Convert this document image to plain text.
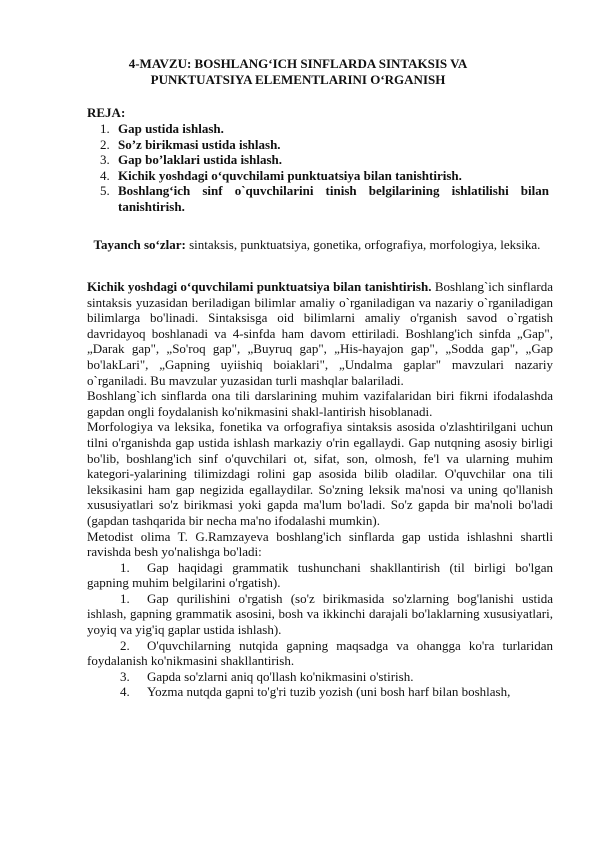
4-MAVZU: BOSHLANG‘ICH SINFLARDA SINTAKSIS VA
PUNKTUATSIYA ELEMENTLARINI O‘RGANISH
REJA:
1. Gap ustida ishlash.
2. So’z birikmasi ustida ishlash.
3. Gap bo’laklari ustida ishlash.
4. Kichik yoshdagi o‘quvchilami punktuatsiya bilan tanishtirish.
5. Boshlang‘ich sinf o`quvchilarini tinish belgilarining ishlatilishi bilan tanishtirish.
Tayanch so‘zlar: sintaksis, punktuatsiya, gonetika, orfografiya, morfologiya, leksika.

Kichik yoshdagi o‘quvchilami punktuatsiya bilan tanishtirish. Boshlang`ich sinflarda sintaksis yuzasidan beriladigan bilimlar amaliy o`rganiladigan va nazariy o`rganiladigan bilimlarga bo'linadi. Sintaksisga oid bilimlarni amaliy o'rganish savod o`rgatish davridayoq boshlanadi va 4-sinfda ham davom ettiriladi. Boshlang'ich sinfda „Gap", „Darak gap", „So'roq gap", „Buyruq gap", „His-hayajon gap", „Sodda gap", „Gap bo'lakLari", „Gapning uyiishiq boiaklari", „Undalma gaplar" mavzulari nazariy o`rganiladi. Bu mavzular yuzasidan turli mashqlar balariladi.

Boshlang`ich sinflarda ona tili darslarining muhim vazifalaridan biri fikrni ifodalashda gapdan ongli foydalanish ko'nikmasini shakl-lantirish hisoblanadi.

Morfologiya va leksika, fonetika va orfografiya sintaksis asosida o'zlashtirilgani uchun tilni o'rganishda gap ustida ishlash markaziy o'rin egallaydi. Gap nutqning asosiy birligi bo'lib, boshlang'ich sinf o'quvchilari ot, sifat, son, olmosh, fe'l va ularning muhim kategori-yalarining tilimizdagi rolini gap asosida bilib oladilar. O'quvchilar ona tili leksikasini ham gap negizida egallaydilar. So'zning leksik ma'nosi va uning qo'llanish xususiyatlari so'z birikmasi yoki gapda ma'lum bo'ladi. So'z gapda bir ma'noli bo'ladi (gapdan tashqarida bir necha ma'no ifodalashi mumkin).

Metodist olima T. G.Ramzayeva boshlang'ich sinflarda gap ustida ishlashni shartli ravishda besh yo'nalishga bo'ladi:

1. Gap haqidagi grammatik tushunchani shakllantirish (til birligi bo'lgan gapning muhim belgilarini o'rgatish).
1. Gap qurilishini o'rgatish (so'z birikmasida so'zlarning bog'lanishi ustida ishlash, gapning grammatik asosini, bosh va ikkinchi darajali bo'laklarning xususiyatlari, yoyiq va yig'iq gaplar ustida ishlash).
2. O'quvchilarning nutqida gapning maqsadga va ohangga ko'ra turlaridan foydalanish ko'nikmasini shakllantirish.
3. Gapda so'zlarni aniq qo'llash ko'nikmasini o'stirish.
4. Yozma nutqda gapni to'g'ri tuzib yozish (uni bosh harf bilan boshlash,
